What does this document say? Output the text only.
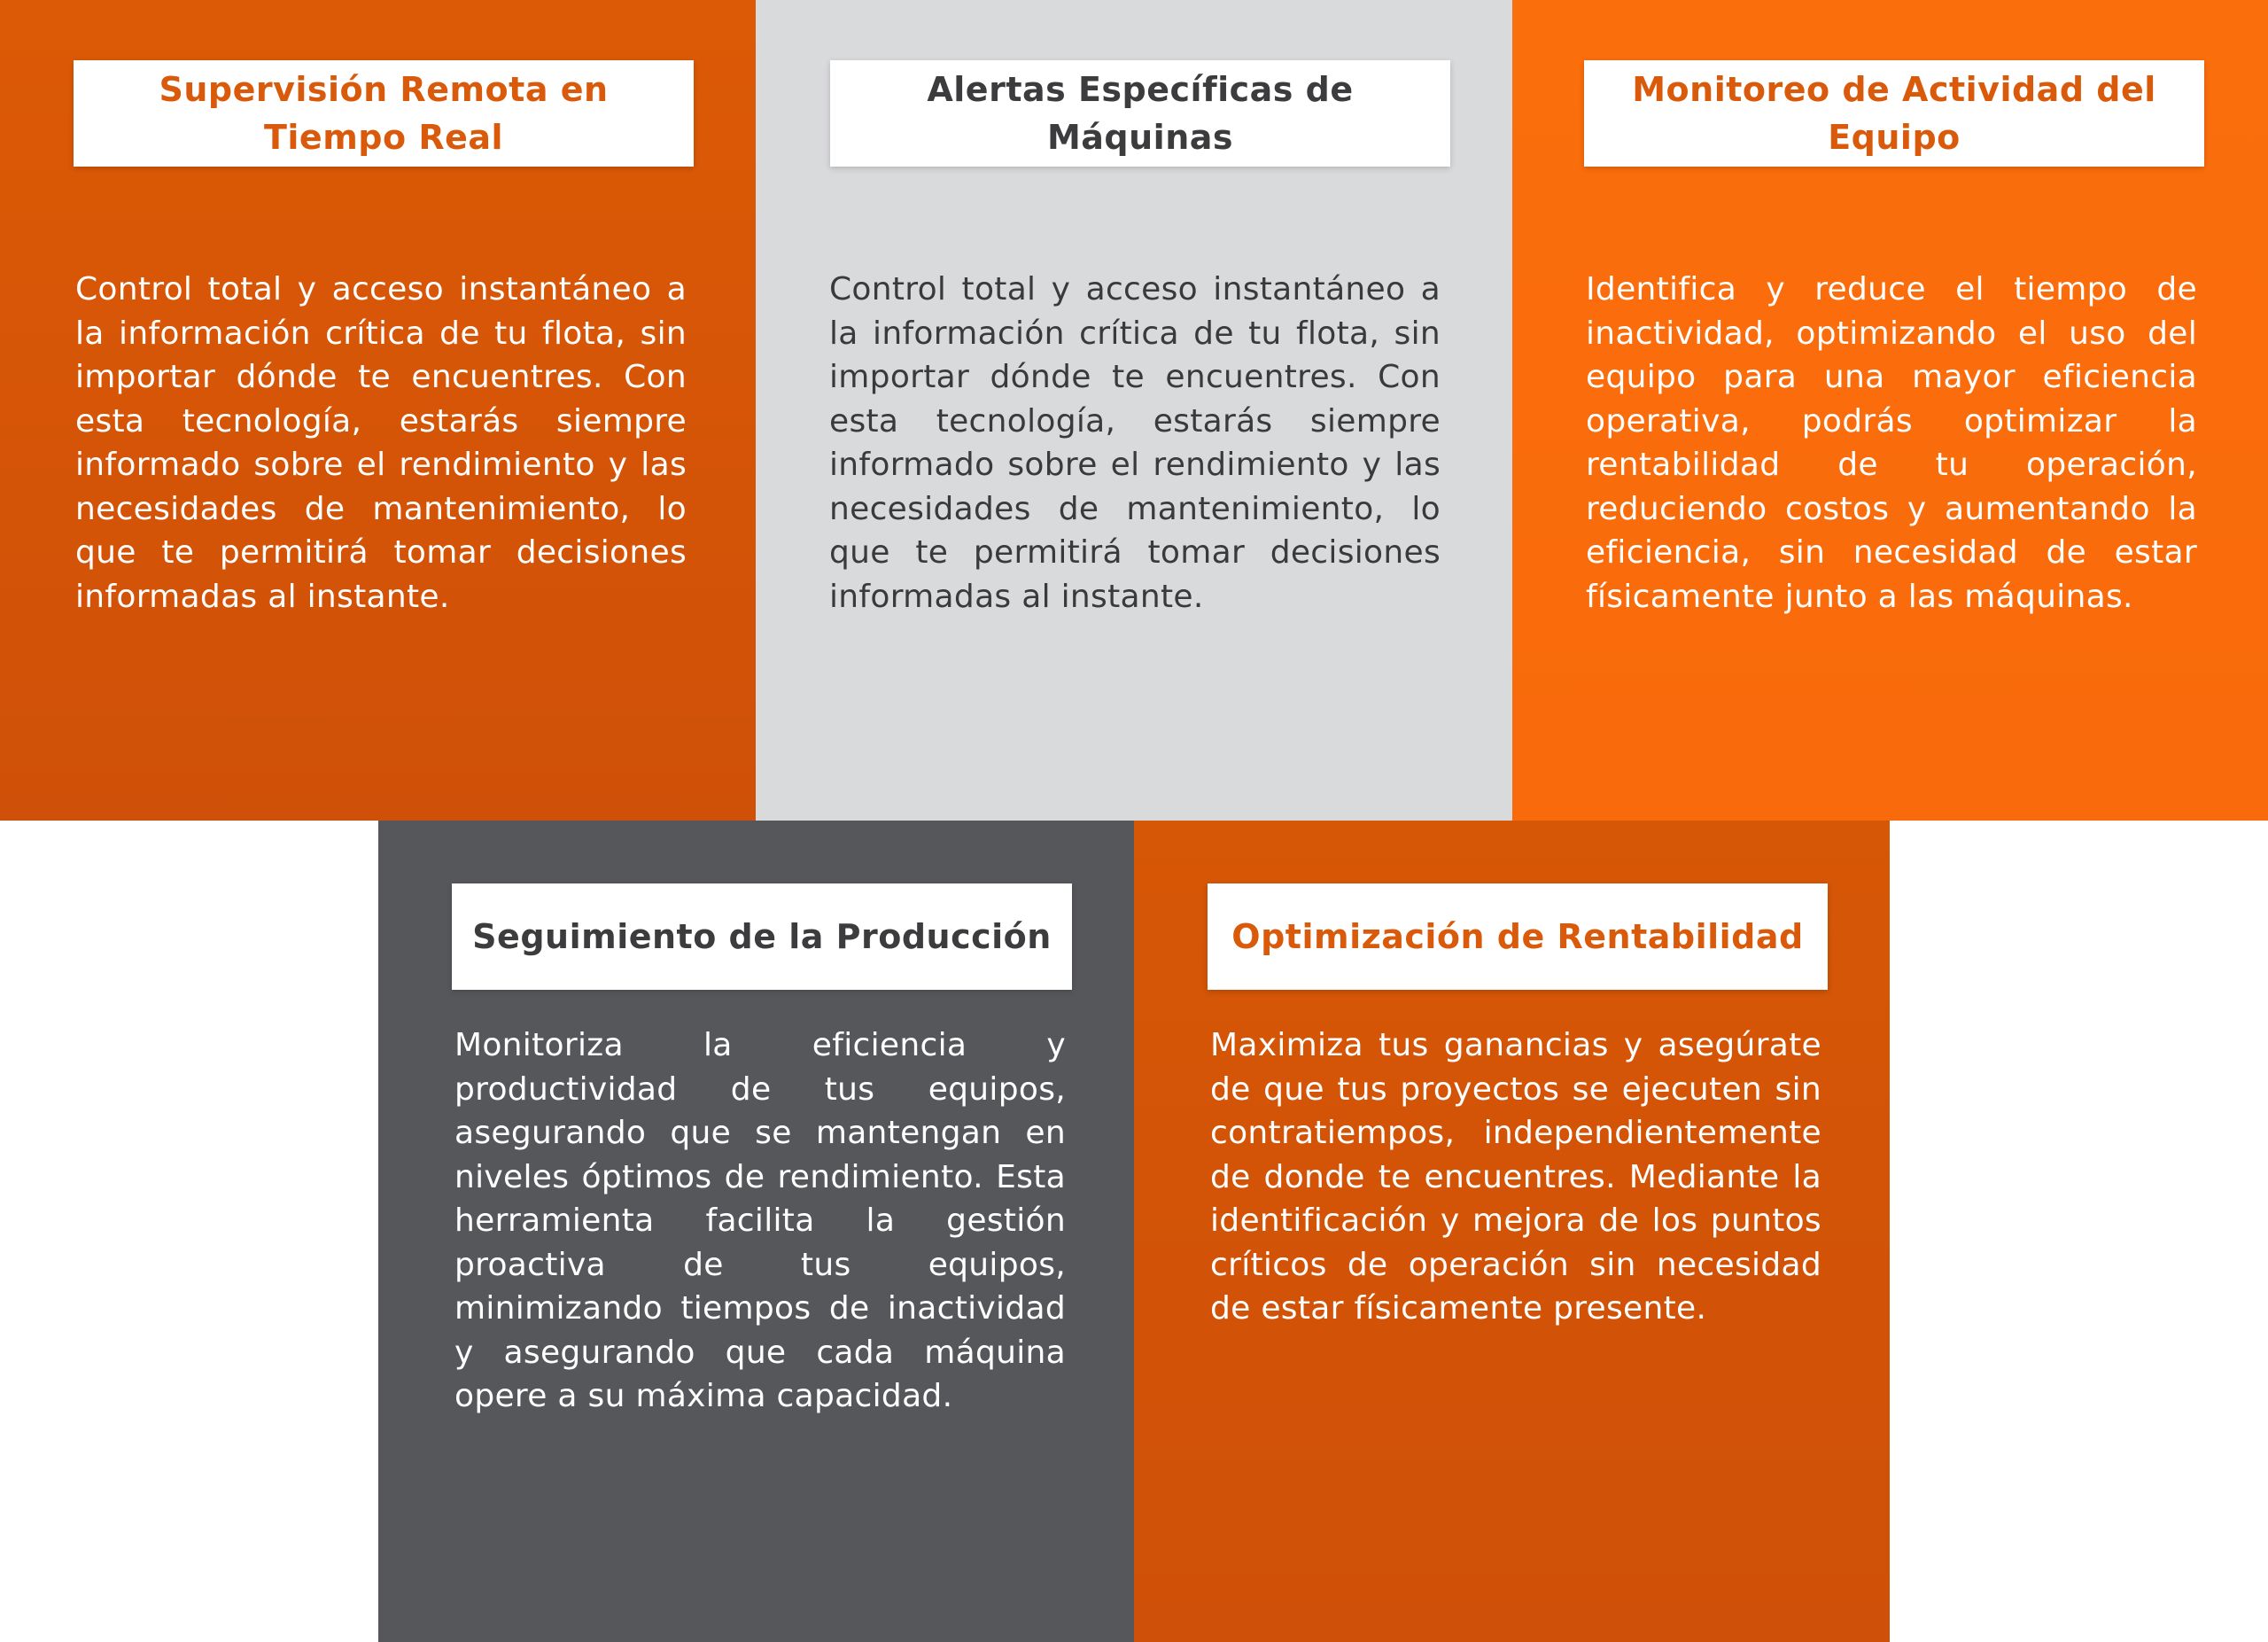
Supervisión Remota en Tiempo Real

Control total y acceso instantáneo a la información crítica de tu flota, sin importar dónde te encuentres. Con esta tecnología, estarás siempre informado sobre el rendimiento y las necesidades de mantenimiento, lo que te permitirá tomar decisiones informadas al instante.

Alertas Específicas de Máquinas

Control total y acceso instantáneo a la información crítica de tu flota, sin importar dónde te encuentres. Con esta tecnología, estarás siempre informado sobre el rendimiento y las necesidades de mantenimiento, lo que te permitirá tomar decisiones informadas al instante.

Monitoreo de Actividad del Equipo

Identifica y reduce el tiempo de inactividad, optimizando el uso del equipo para una mayor eficiencia operativa, podrás optimizar la rentabilidad de tu operación, reduciendo costos y aumentando la eficiencia, sin necesidad de estar físicamente junto a las máquinas.

Seguimiento de la Producción

Monitoriza la eficiencia y productividad de tus equipos, asegurando que se mantengan en niveles óptimos de rendimiento. Esta herramienta facilita la gestión proactiva de tus equipos, minimizando tiempos de inactividad y asegurando que cada máquina opere a su máxima capacidad.

Optimización de Rentabilidad

Maximiza tus ganancias y asegúrate de que tus proyectos se ejecuten sin contratiempos, independientemente de donde te encuentres. Mediante la identificación y mejora de los puntos críticos de operación sin necesidad de estar físicamente presente.
